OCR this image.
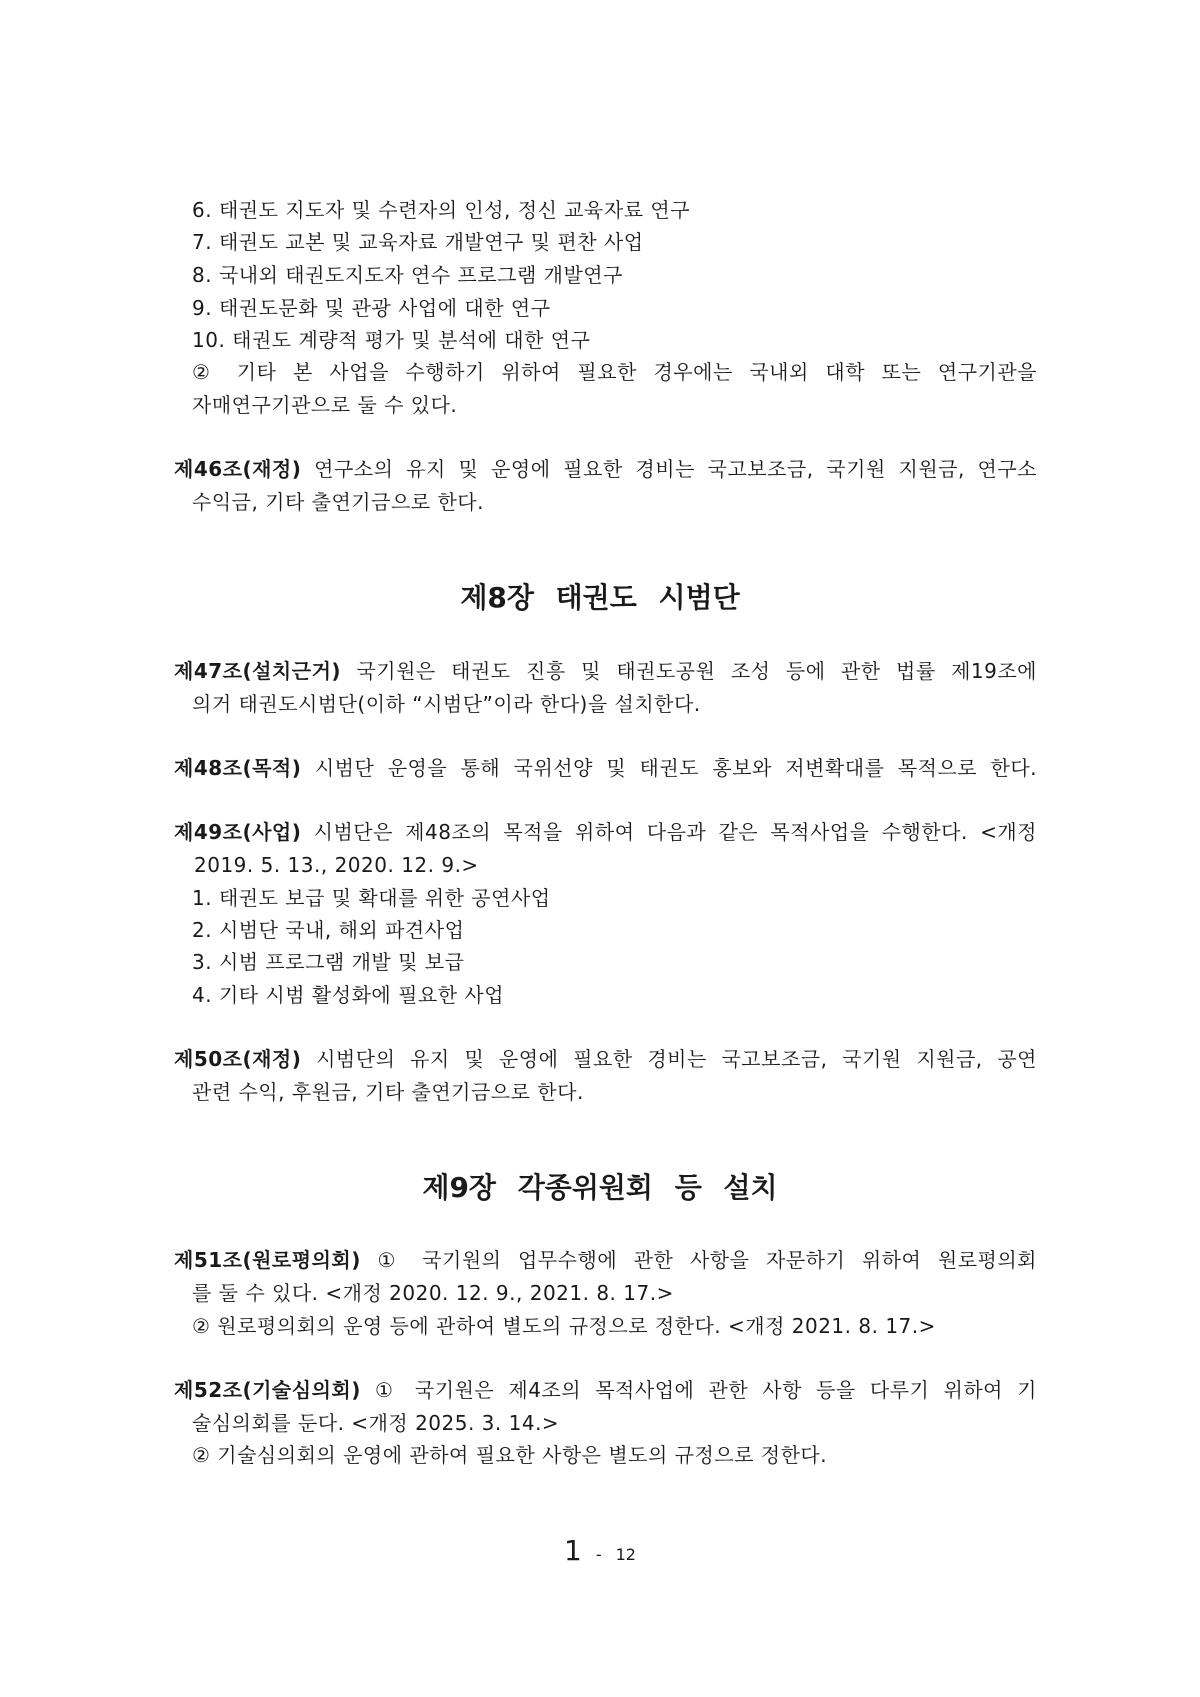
6. 태권도 지도자 및 수련자의 인성, 정신 교육자료 연구
7. 태권도 교본 및 교육자료 개발연구 및 편찬 사업
8. 국내외 태권도지도자 연수 프로그램 개발연구
9. 태권도문화 및 관광 사업에 대한 연구
10. 태권도 계량적 평가 및 분석에 대한 연구
② 기타 본 사업을 수행하기 위하여 필요한 경우에는 국내외 대학 또는 연구기관을
자매연구기관으로 둘 수 있다.
제46조(재정) 연구소의 유지 및 운영에 필요한 경비는 국고보조금, 국기원 지원금, 연구소
수익금, 기타 출연기금으로 한다.
제8장 태권도 시범단
제47조(설치근거) 국기원은 태권도 진흥 및 태권도공원 조성 등에 관한 법률 제19조에
의거 태권도시범단(이하 “시범단”이라 한다)을 설치한다.
제48조(목적) 시범단 운영을 통해 국위선양 및 태권도 홍보와 저변확대를 목적으로 한다.
제49조(사업) 시범단은 제48조의 목적을 위하여 다음과 같은 목적사업을 수행한다. <개정
2019. 5. 13., 2020. 12. 9.>
1. 태권도 보급 및 확대를 위한 공연사업
2. 시범단 국내, 해외 파견사업
3. 시범 프로그램 개발 및 보급
4. 기타 시범 활성화에 필요한 사업
제50조(재정) 시범단의 유지 및 운영에 필요한 경비는 국고보조금, 국기원 지원금, 공연
관련 수익, 후원금, 기타 출연기금으로 한다.
제9장 각종위원회 등 설치
제51조(원로평의회) ① 국기원의 업무수행에 관한 사항을 자문하기 위하여 원로평의회
를 둘 수 있다. <개정 2020. 12. 9., 2021. 8. 17.>
② 원로평의회의 운영 등에 관하여 별도의 규정으로 정한다. <개정 2021. 8. 17.>
제52조(기술심의회) ① 국기원은 제4조의 목적사업에 관한 사항 등을 다루기 위하여 기
술심의회를 둔다. <개정 2025. 3. 14.>
② 기술심의회의 운영에 관하여 필요한 사항은 별도의 규정으로 정한다.
1 - 12
